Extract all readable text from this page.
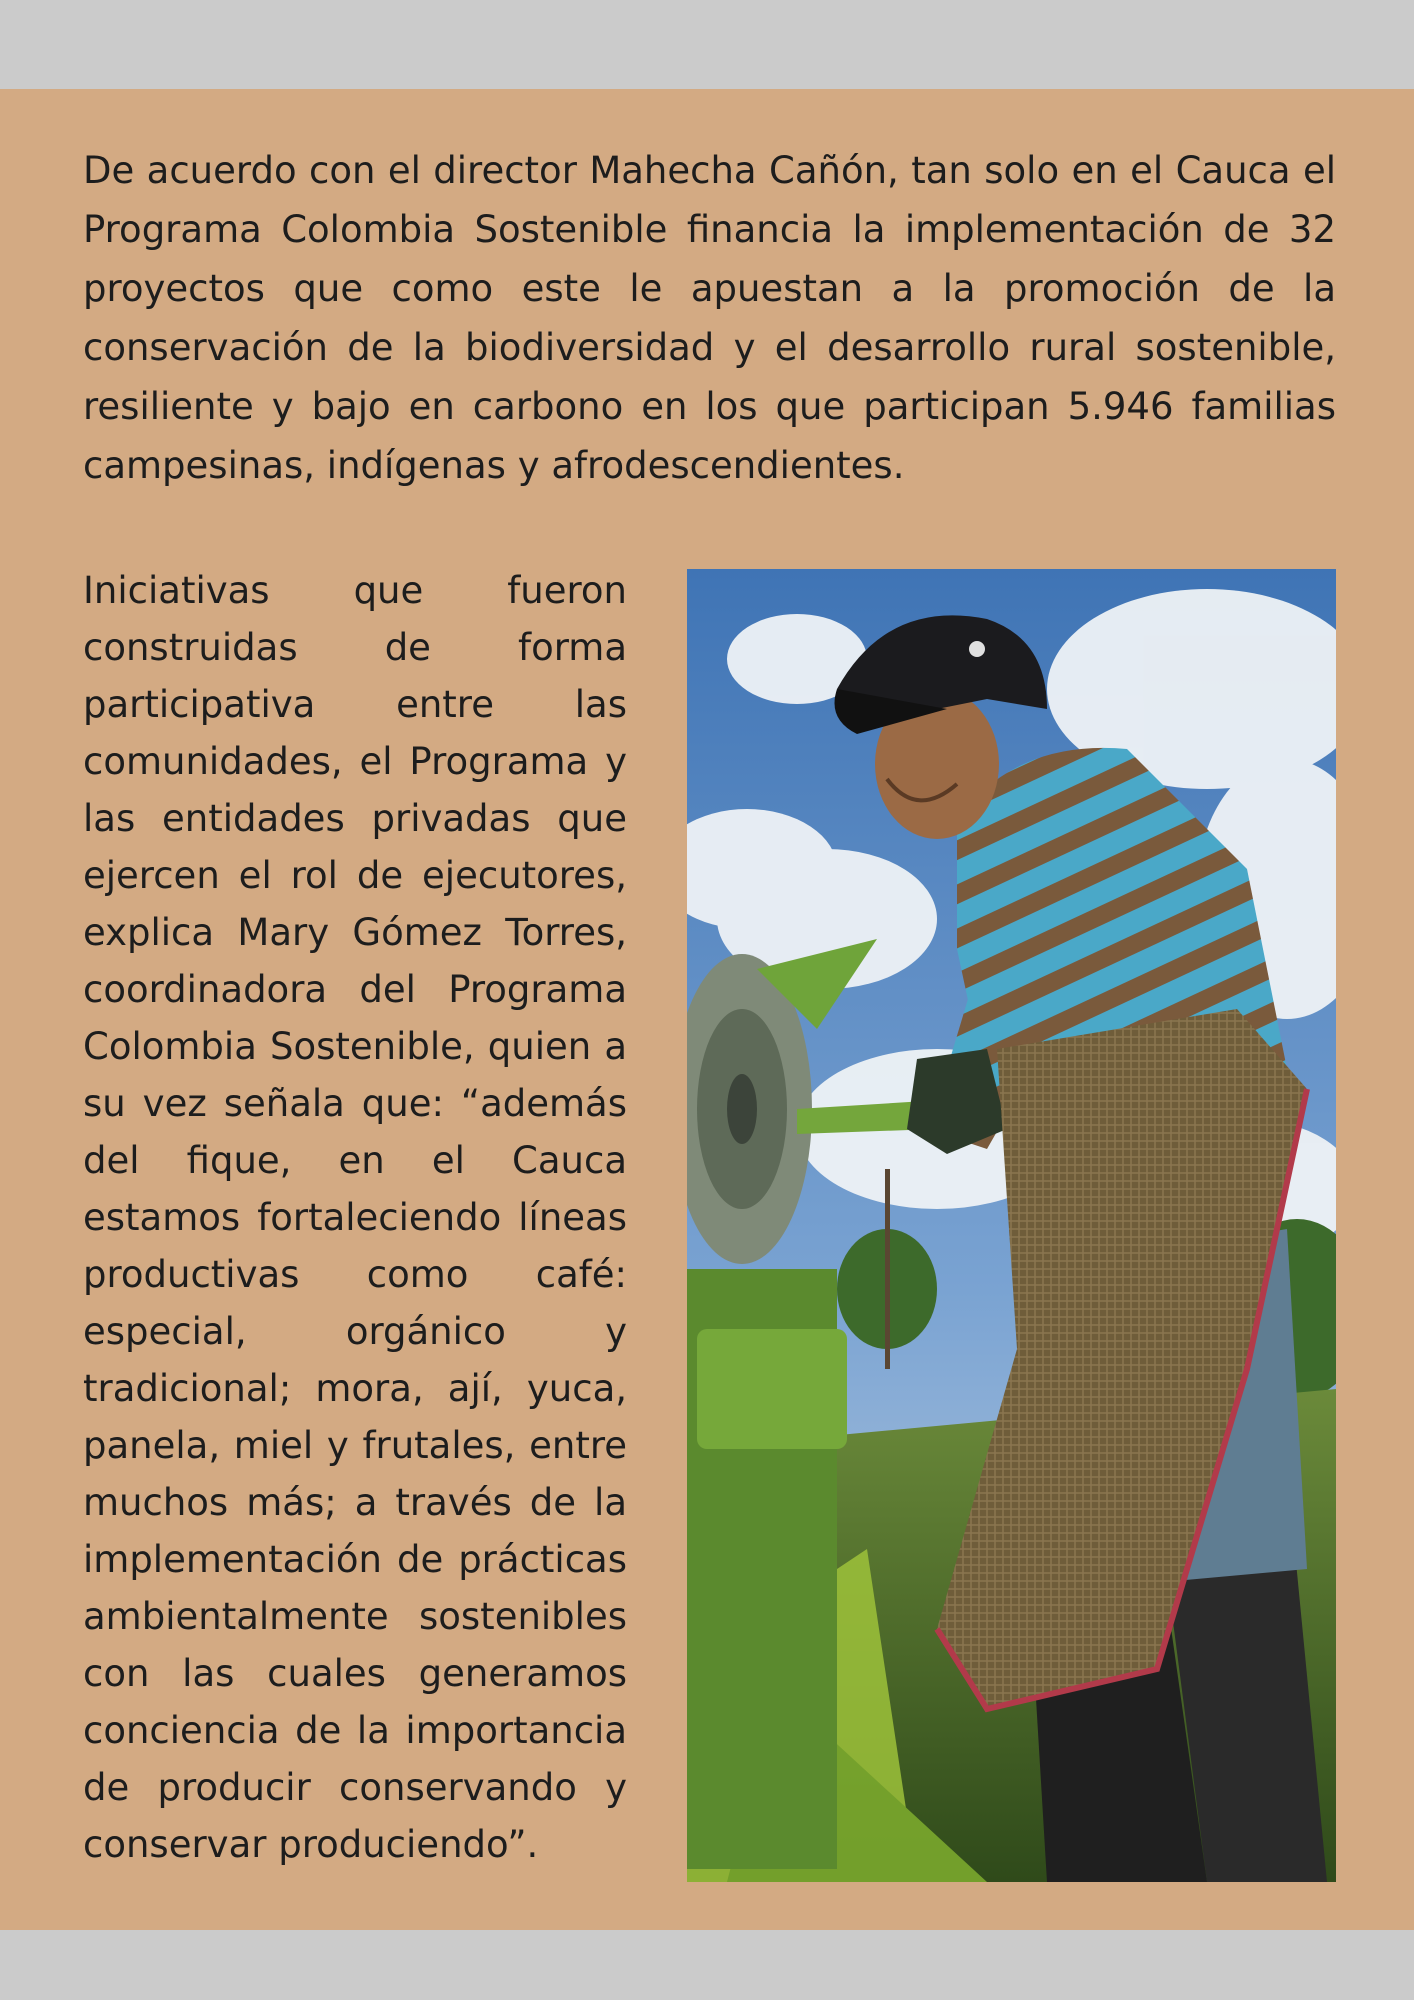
De acuerdo con el director Mahecha Cañón, tan solo en el Cauca el Programa Colombia Sostenible financia la implementación de 32 proyectos que como este le apuestan a la promoción de la conservación de la biodiversidad y el desarrollo rural sostenible, resiliente y bajo en carbono en los que participan 5.946 familias campesinas, indígenas y afrodescendientes.

Iniciativas que fueron construidas de forma participativa entre las comunidades, el Programa y las entidades privadas que ejercen el rol de ejecutores, explica Mary Gómez Torres, coordinadora del Programa Colombia Sostenible, quien a su vez señala que: “además del fique, en el Cauca estamos fortaleciendo líneas productivas como café: especial, orgánico y tradicional; mora, ají, yuca, panela, miel y frutales, entre muchos más; a través de la implementación de prácticas ambientalmente sostenibles con las cuales generamos conciencia de la importancia de producir conservando y conservar produciendo”.
